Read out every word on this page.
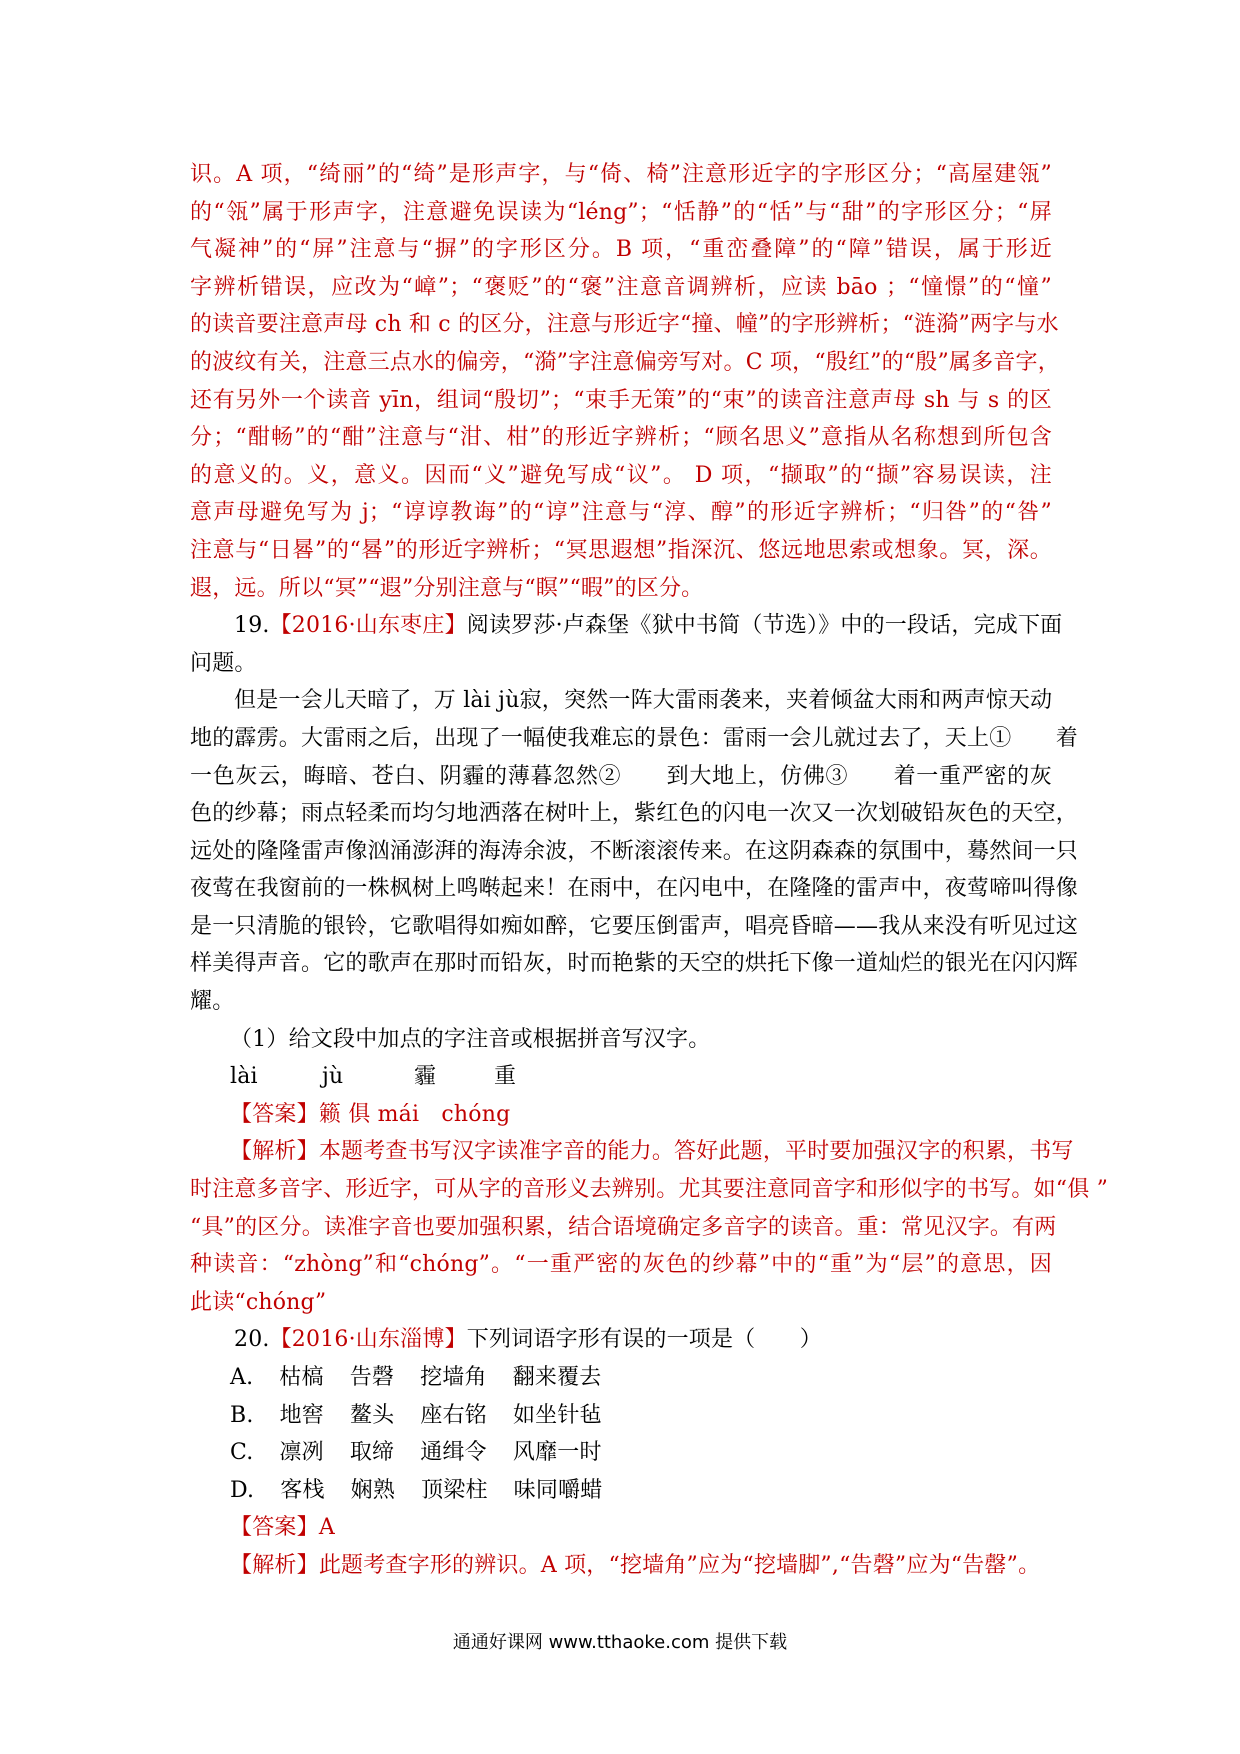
识。A 项，“绮丽”的“绮”是形声字，与“倚、椅”注意形近字的字形区分；“高屋建瓴”
的“瓴”属于形声字，注意避免误读为“léng”；“恬静”的“恬”与“甜”的字形区分；“屏
气凝神”的“屏”注意与“摒”的字形区分。B 项，“重峦叠障”的“障”错误，属于形近
字辨析错误，应改为“嶂”；“褒贬”的“褒”注意音调辨析，应读 bāo ；“憧憬”的“憧”
的读音要注意声母 ch 和 c 的区分，注意与形近字“撞、幢”的字形辨析；“涟漪”两字与水
的波纹有关，注意三点水的偏旁，“漪”字注意偏旁写对。C 项，“殷红”的“殷”属多音字，
还有另外一个读音 yīn，组词“殷切”；“束手无策”的“束”的读音注意声母 sh 与 s 的区
分；“酣畅”的“酣”注意与“泔、柑”的形近字辨析；“顾名思义”意指从名称想到所包含
的意义的。义，意义。因而“义”避免写成“议”。 D 项，“撷取”的“撷”容易误读，注
意声母避免写为 j；“谆谆教诲”的“谆”注意与“淳、醇”的形近字辨析；“归咎”的“咎”
注意与“日晷”的“晷”的形近字辨析；“冥思遐想”指深沉、悠远地思索或想象。冥，深。
遐，远。所以“冥”“遐”分别注意与“瞑”“暇”的区分。
19.【2016·山东枣庄】阅读罗莎·卢森堡《狱中书简（节选）》中的一段话，完成下面
问题。
但是一会儿天暗了，万 lài jù寂，突然一阵大雷雨袭来，夹着倾盆大雨和两声惊天动
地的霹雳。大雷雨之后，出现了一幅使我难忘的景色：雷雨一会儿就过去了，天上①　　着
一色灰云，晦暗、苍白、阴霾的薄暮忽然②　　到大地上，仿佛③　　着一重严密的灰
色的纱幕；雨点轻柔而均匀地洒落在树叶上，紫红色的闪电一次又一次划破铅灰色的天空，
远处的隆隆雷声像汹涌澎湃的海涛余波，不断滚滚传来。在这阴森森的氛围中，蓦然间一只
夜莺在我窗前的一株枫树上鸣啭起来！在雨中，在闪电中，在隆隆的雷声中，夜莺啼叫得像
是一只清脆的银铃，它歌唱得如痴如醉，它要压倒雷声，唱亮昏暗——我从来没有听见过这
样美得声音。它的歌声在那时而铅灰，时而艳紫的天空的烘托下像一道灿烂的银光在闪闪辉
耀。
（1）给文段中加点的字注音或根据拼音写汉字。
lài	jù	霾	重
【答案】籁 俱 mái　chóng
【解析】本题考查书写汉字读准字音的能力。答好此题，平时要加强汉字的积累，书写
时注意多音字、形近字，可从字的音形义去辨别。尤其要注意同音字和形似字的书写。如“俱 ”
“具”的区分。读准字音也要加强积累，结合语境确定多音字的读音。重：常见汉字。有两
种读音：“zhòng”和“chóng”。“一重严密的灰色的纱幕”中的“重”为“层”的意思，因
此读“chóng”
20.【2016·山东淄博】下列词语字形有误的一项是（　　）
A. 枯槁 告磬 挖墙角 翻来覆去
B. 地窖 鳌头 座右铭 如坐针毡
C. 凛冽 取缔 通缉令 风靡一时
D. 客栈 娴熟 顶梁柱 味同嚼蜡
【答案】A
【解析】此题考查字形的辨识。A 项，“挖墙角”应为“挖墙脚”,“告磬”应为“告罄”。
通通好课网 www.tthaoke.com 提供下载
